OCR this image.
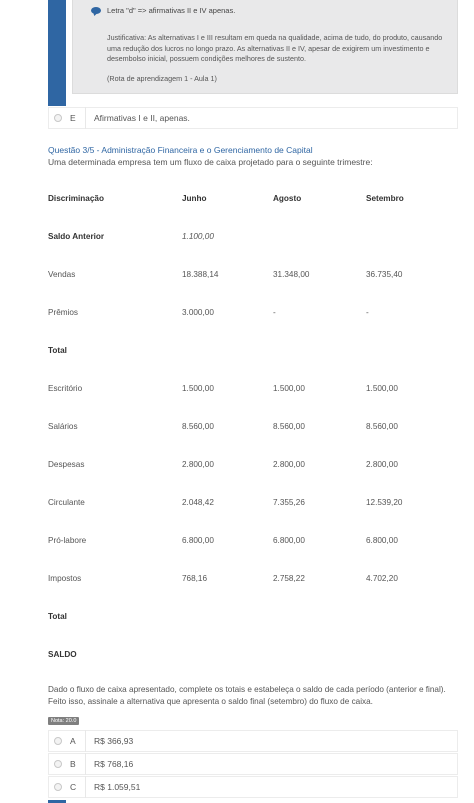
Letra "d" => afirmativas II e IV apenas.
Justificativa: As alternativas I e III resultam em queda na qualidade, acima de tudo, do produto, causando uma redução dos lucros no longo prazo. As alternativas II e IV, apesar de exigirem um investimento e desembolso inicial, possuem condições melhores de sustento.
(Rota de aprendizagem 1 - Aula 1)
E	Afirmativas I e II, apenas.
Questão 3/5 - Administração Financeira e o Gerenciamento de Capital
Uma determinada empresa tem um fluxo de caixa projetado para o seguinte trimestre:
Discriminação	Junho	Agosto	Setembro
Saldo Anterior	1.100,00
Vendas	18.388,14	31.348,00	36.735,40
Prêmios	3.000,00	-	-
Total
Escritório	1.500,00	1.500,00	1.500,00
Salários	8.560,00	8.560,00	8.560,00
Despesas	2.800,00	2.800,00	2.800,00
Circulante	2.048,42	7.355,26	12.539,20
Pró-labore	6.800,00	6.800,00	6.800,00
Impostos	768,16	2.758,22	4.702,20
Total
SALDO
Dado o fluxo de caixa apresentado, complete os totais e estabeleça o saldo de cada período (anterior e final). Feito isso, assinale a alternativa que apresenta o saldo final (setembro) do fluxo de caixa.
Nota: 20.0
A	R$ 366,93
B	R$ 768,16
C	R$ 1.059,51
